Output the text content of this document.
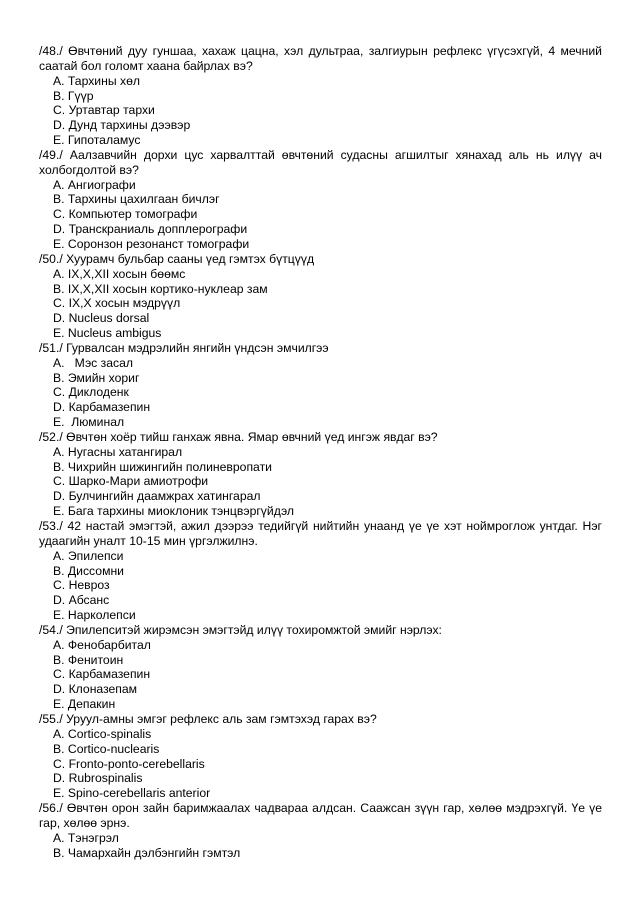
/48./ Өвчтөний дуу гуншаа, хахаж цацна, хэл дультраа, залгиурын рефлекс үгүсэхгүй, 4 мечний саатай бол голомт хаана байрлах вэ?

A. Тархины хөл
B. Гүүр
C. Уртавтар тархи
D. Дунд тархины дээвэр
E. Гипоталамус

/49./ Аалзавчийн дорхи цус харвалттай өвчтөний судасны агшилтыг хянахад аль нь илүү ач холбогдолтой вэ?

A. Ангиографи
B. Тархины цахилгаан бичлэг
C. Компьютер томографи
D. Транскраниаль допплерографи
E. Соронзон резонанст томографи

/50./ Хуурамч бульбар сааны үед гэмтэх бүтцүүд

A. IX,X,XII хосын бөөмс
B. IX,X,XII хосын кортико-нуклеар зам
C. IX,X хосын мэдрүүл
D. Nucleus dorsal
E. Nucleus ambigus

/51./ Гурвалсан мэдрэлийн янгийн үндсэн эмчилгээ

A.   Мэс засал
B. Эмийн хориг
C. Диклоденк
D. Карбамазепин
E.  Люминал

/52./ Өвчтөн хоёр тийш ганхаж явна. Ямар өвчний үед ингэж явдаг вэ?

A. Нугасны хатангирал
B. Чихрийн шижингийн полиневропати
C. Шарко-Мари амиотрофи
D. Булчингийн даамжрах хатингарал
E. Бага тархины миоклоник тэнцвэргүйдэл

/53./ 42 настай эмэгтэй, ажил дээрээ тедийгүй нийтийн унаанд үе үе хэт ноймроглож унтдаг. Нэг удаагийн уналт 10-15 мин үргэлжилнэ.

A. Эпилепси
B. Диссомни
C. Невроз
D. Абсанс
E. Нарколепси

/54./ Эпилепситэй жирэмсэн эмэгтэйд илүү тохиромжтой эмийг нэрлэх:

A. Фенобарбитал
B. Фенитоин
C. Карбамазепин
D. Клоназепам
E. Депакин

/55./ Уруул-амны эмгэг рефлекс аль зам гэмтэхэд гарах вэ?

A. Cortico-spinalis
B. Cortico-nuclearis
C. Fronto-ponto-cerebellaris
D. Rubrospinalis
E. Spino-cerebellaris anterior

/56./ Өвчтөн орон зайн баримжаалах чадвараа алдсан. Саажсан зүүн гар, хөлөө мэдрэхгүй. Үе үе гар, хөлөө эрнэ.

A. Тэнэгрэл
B. Чамархайн дэлбэнгийн гэмтэл
